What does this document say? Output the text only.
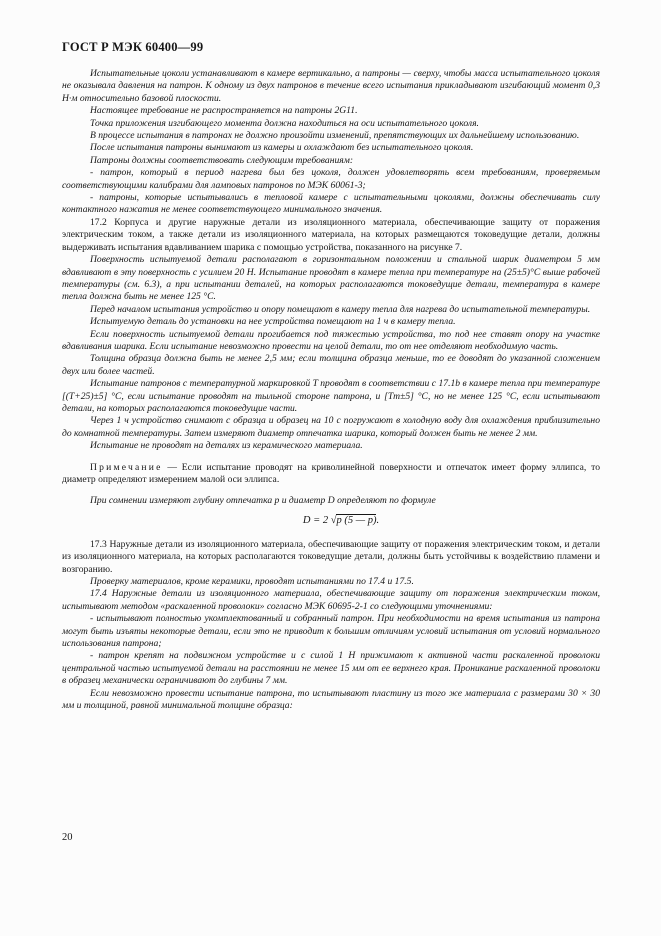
ГОСТ Р МЭК 60400—99

Испытательные цоколи устанавливают в камере вертикально, а патроны — сверху, чтобы масса испытательного цоколя не оказывала давления на патрон. К одному из двух патронов в течение всего испытания прикладывают изгибающий момент 0,3 Н·м относительно базовой плоскости.

Настоящее требование не распространяется на патроны 2G11.

Точка приложения изгибающего момента должна находиться на оси испытательного цоколя.

В процессе испытания в патронах не должно произойти изменений, препятствующих их дальнейшему использованию.

После испытания патроны вынимают из камеры и охлаждают без испытательного цоколя.

Патроны должны соответствовать следующим требованиям:

- патрон, который в период нагрева был без цоколя, должен удовлетворять всем требованиям, проверяемым соответствующими калибрами для ламповых патронов по МЭК 60061-3;

- патроны, которые испытывались в тепловой камере с испытательными цоколями, должны обеспечивать силу контактного нажатия не менее соответствующего минимального значения.

17.2 Корпуса и другие наружные детали из изоляционного материала, обеспечивающие защиту от поражения электрическим током, а также детали из изоляционного материала, на которых размещаются токоведущие детали, должны выдерживать испытания вдавливанием шарика с помощью устройства, показанного на рисунке 7.

Поверхность испытуемой детали располагают в горизонтальном положении и стальной шарик диаметром 5 мм вдавливают в эту поверхность с усилием 20 Н. Испытание проводят в камере тепла при температуре на (25±5)°С выше рабочей температуры (см. 6.3), а при испытании деталей, на которых располагаются токоведущие детали, температура в камере тепла должна быть не менее 125 °С.

Перед началом испытания устройство и опору помещают в камеру тепла для нагрева до испытательной температуры.

Испытуемую деталь до установки на нее устройства помещают на 1 ч в камеру тепла.

Если поверхность испытуемой детали прогибается под тяжестью устройства, то под нее ставят опору на участке вдавливания шарика. Если испытание невозможно провести на целой детали, то от нее отделяют необходимую часть.

Толщина образца должна быть не менее 2,5 мм; если толщина образца меньше, то ее доводят до указанной сложением двух или более частей.

Испытание патронов с температурной маркировкой T проводят в соответствии с 17.1b в камере тепла при температуре [(T+25)±5] °С, если испытание проводят на тыльной стороне патрона, и [Tm±5] °С, но не менее 125 °С, если испытывают детали, на которых располагаются токоведущие части.

Через 1 ч устройство снимают с образца и образец на 10 с погружают в холодную воду для охлаждения приблизительно до комнатной температуры. Затем измеряют диаметр отпечатка шарика, который должен быть не менее 2 мм.

Испытание не проводят на деталях из керамического материала.

Примечание — Если испытание проводят на криволинейной поверхности и отпечаток имеет форму эллипса, то диаметр определяют измерением малой оси эллипса.

При сомнении измеряют глубину отпечатка p и диаметр D определяют по формуле

D = 2 √p (5 — p).

17.3 Наружные детали из изоляционного материала, обеспечивающие защиту от поражения электрическим током, и детали из изоляционного материала, на которых располагаются токоведущие детали, должны быть устойчивы к воздействию пламени и возгоранию.

Проверку материалов, кроме керамики, проводят испытаниями по 17.4 и 17.5.

17.4 Наружные детали из изоляционного материала, обеспечивающие защиту от поражения электрическим током, испытывают методом «раскаленной проволоки» согласно МЭК 60695-2-1 со следующими уточнениями:

- испытывают полностью укомплектованный и собранный патрон. При необходимости на время испытания из патрона могут быть изъяты некоторые детали, если это не приводит к большим отличиям условий испытания от условий нормального использования патрона;

- патрон крепят на подвижном устройстве и с силой 1 Н прижимают к активной части раскаленной проволоки центральной частью испытуемой детали на расстоянии не менее 15 мм от ее верхнего края. Проникание раскаленной проволоки в образец механически ограничивают до глубины 7 мм.

Если невозможно провести испытание патрона, то испытывают пластину из того же материала с размерами 30 × 30 мм и толщиной, равной минимальной толщине образца:

20
